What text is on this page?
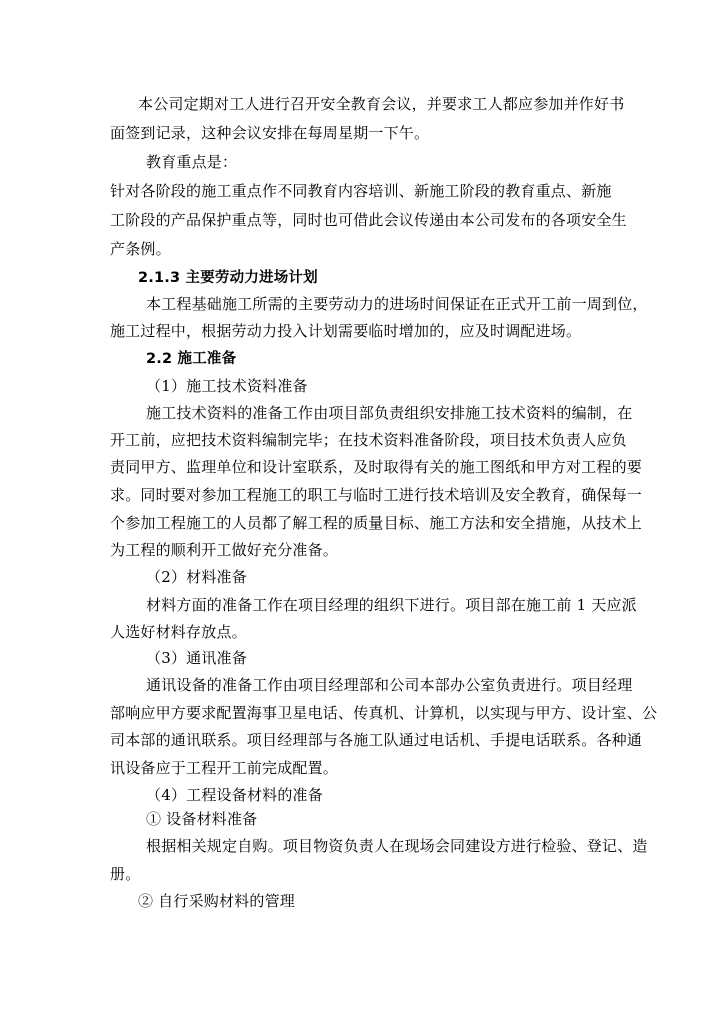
本公司定期对工人进行召开安全教育会议，并要求工人都应参加并作好书
面签到记录，这种会议安排在每周星期一下午。
教育重点是：
针对各阶段的施工重点作不同教育内容培训、新施工阶段的教育重点、新施
工阶段的产品保护重点等，同时也可借此会议传递由本公司发布的各项安全生
产条例。
2.1.3 主要劳动力进场计划
本工程基础施工所需的主要劳动力的进场时间保证在正式开工前一周到位，
施工过程中，根据劳动力投入计划需要临时增加的，应及时调配进场。
2.2 施工准备
（1）施工技术资料准备
施工技术资料的准备工作由项目部负责组织安排施工技术资料的编制，在
开工前，应把技术资料编制完毕；在技术资料准备阶段，项目技术负责人应负
责同甲方、监理单位和设计室联系，及时取得有关的施工图纸和甲方对工程的要
求。同时要对参加工程施工的职工与临时工进行技术培训及安全教育，确保每一
个参加工程施工的人员都了解工程的质量目标、施工方法和安全措施，从技术上
为工程的顺利开工做好充分准备。
（2）材料准备
材料方面的准备工作在项目经理的组织下进行。项目部在施工前 1 天应派
人选好材料存放点。
（3）通讯准备
通讯设备的准备工作由项目经理部和公司本部办公室负责进行。项目经理
部响应甲方要求配置海事卫星电话、传真机、计算机，以实现与甲方、设计室、公
司本部的通讯联系。项目经理部与各施工队通过电话机、手提电话联系。各种通
讯设备应于工程开工前完成配置。
（4）工程设备材料的准备
① 设备材料准备
根据相关规定自购。项目物资负责人在现场会同建设方进行检验、登记、造
册。
② 自行采购材料的管理
